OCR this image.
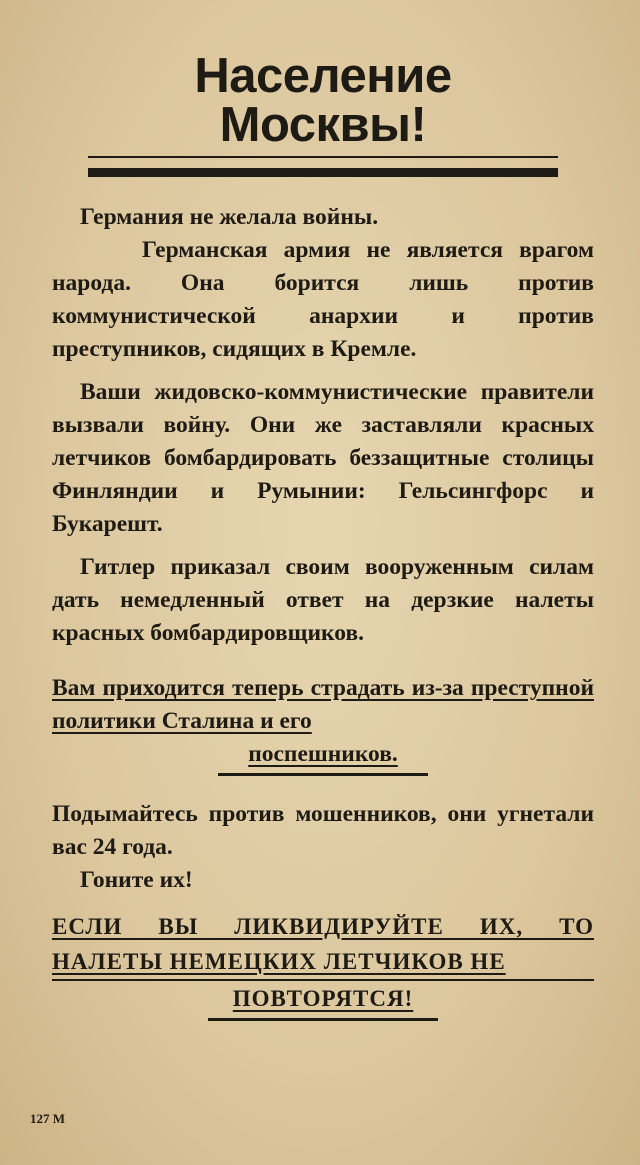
Население Москвы!

Германия не желала войны.

Германская армия не является врагом народа. Она борится лишь против коммунистической анархии и против преступников, сидящих в Кремле.

Ваши жидовско-коммунистические правители вызвали войну. Они же заставляли красных летчиков бомбардировать беззащитные столицы Финляндии и Румынии: Гельсингфорс и Букарешт.

Гитлер приказал своим вооруженным силам дать немедленный ответ на дерзкие налеты красных бомбардировщиков.

Вам приходится теперь страдать из-за преступной политики Сталина и его

поспешников.

Подымайтесь против мошенников, они угнетали вас 24 года.

Гоните их!

ЕСЛИ ВЫ ЛИКВИДИРУЙТЕ ИХ, ТО НАЛЕТЫ НЕМЕЦКИХ ЛЕТЧИКОВ НЕ

ПОВТОРЯТСЯ!

127 M
